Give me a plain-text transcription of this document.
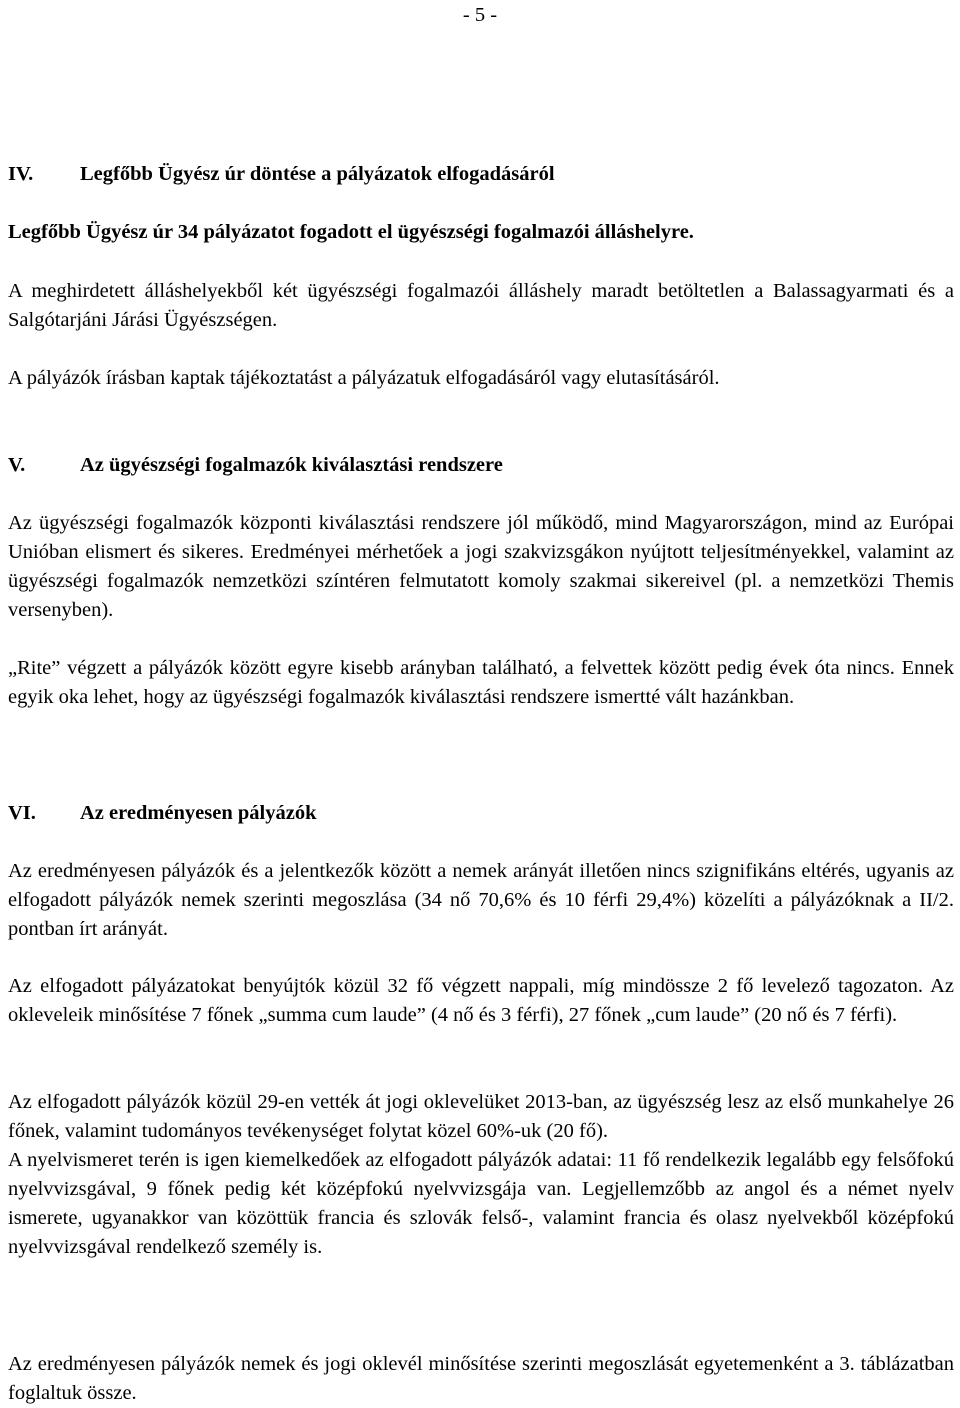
- 5 -
IV. Legfőbb Ügyész úr döntése a pályázatok elfogadásáról
Legfőbb Ügyész úr 34 pályázatot fogadott el ügyészségi fogalmazói álláshelyre.
A meghirdetett álláshelyekből két ügyészségi fogalmazói álláshely maradt betöltetlen a Balassagyarmati és a Salgótarjáni Járási Ügyészségen.
A pályázók írásban kaptak tájékoztatást a pályázatuk elfogadásáról vagy elutasításáról.
V.	Az ügyészségi fogalmazók kiválasztási rendszere
Az ügyészségi fogalmazók központi kiválasztási rendszere jól működő, mind Magyarországon, mind az Európai Unióban elismert és sikeres. Eredményei mérhetőek a jogi szakvizsgákon nyújtott teljesítményekkel, valamint az ügyészségi fogalmazók nemzetközi színtéren felmutatott komoly szakmai sikereivel (pl. a nemzetközi Themis versenyben).
„Rite” végzett a pályázók között egyre kisebb arányban található, a felvettek között pedig évek óta nincs. Ennek egyik oka lehet, hogy az ügyészségi fogalmazók kiválasztási rendszere ismertté vált hazánkban.
VI. Az eredményesen pályázók
Az eredményesen pályázók és a jelentkezők között a nemek arányát illetően nincs szignifikáns eltérés, ugyanis az elfogadott pályázók nemek szerinti megoszlása (34 nő 70,6% és 10 férfi 29,4%) közelíti a pályázóknak a II/2. pontban írt arányát.
Az elfogadott pályázatokat benyújtók közül 32 fő végzett nappali, míg mindössze 2 fő levelező tagozaton. Az okleveleik minősítése 7 főnek „summa cum laude” (4 nő és 3 férfi), 27 főnek „cum laude” (20 nő és 7 férfi).
Az elfogadott pályázók közül 29-en vették át jogi oklevelüket 2013-ban, az ügyészség lesz az első munkahelye 26 főnek, valamint tudományos tevékenységet folytat közel 60%-uk (20 fő).
A nyelvismeret terén is igen kiemelkedőek az elfogadott pályázók adatai: 11 fő rendelkezik legalább egy felsőfokú nyelvvizsgával, 9 főnek pedig két középfokú nyelvvizsgája van. Legjellemzőbb az angol és a német nyelv ismerete, ugyanakkor van közöttük francia és szlovák felső-, valamint francia és olasz nyelvekből középfokú nyelvvizsgával rendelkező személy is.
Az eredményesen pályázók nemek és jogi oklevél minősítése szerinti megoszlását egyetemenként a 3. táblázatban foglaltuk össze.
